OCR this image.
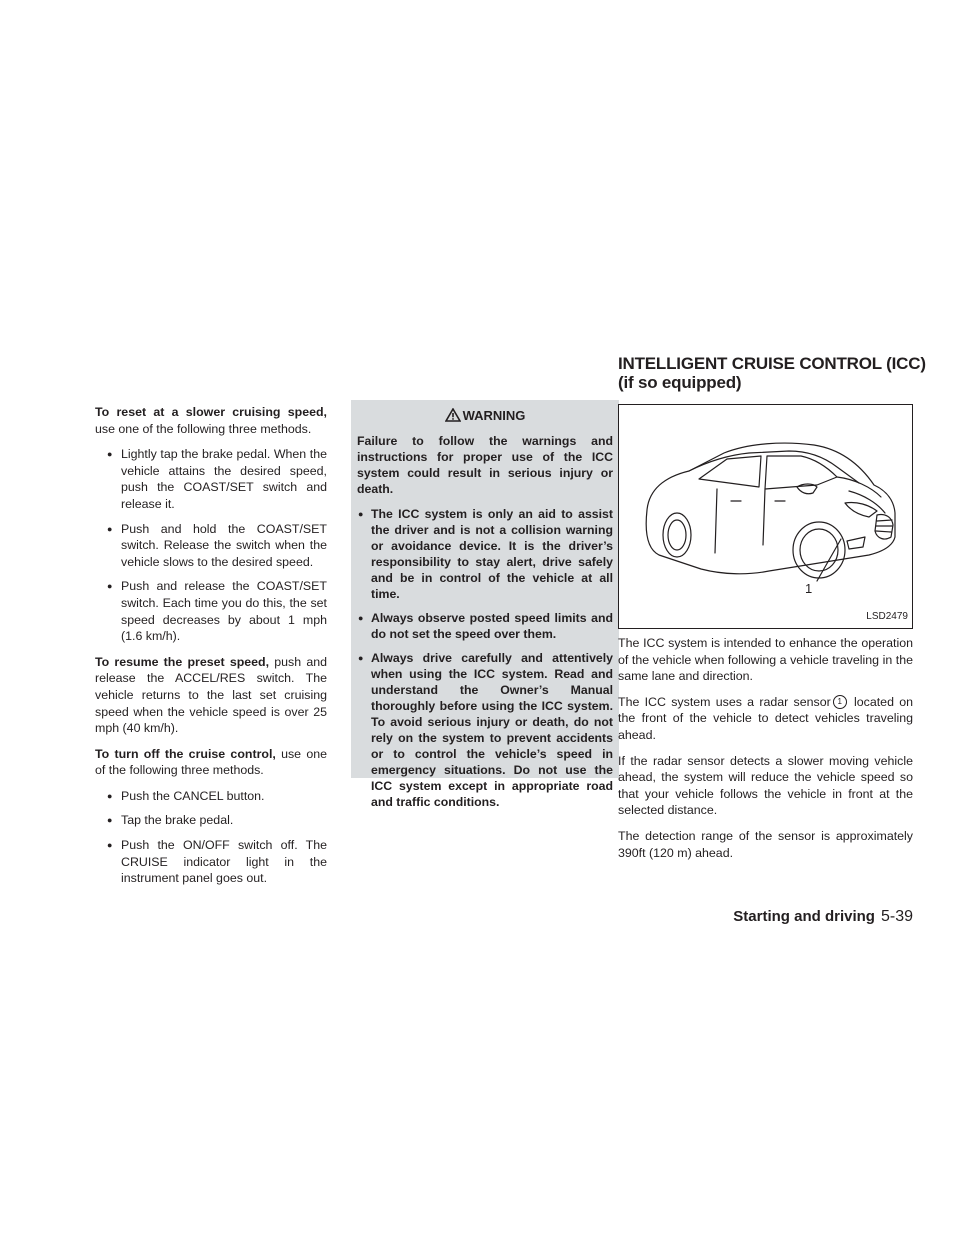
INTELLIGENT CRUISE CONTROL (ICC)
(if so equipped)

To reset at a slower cruising speed, use one of the following three methods.

● Lightly tap the brake pedal. When the vehicle attains the desired speed, push the COAST/SET switch and release it.
● Push and hold the COAST/SET switch. Release the switch when the vehicle slows to the desired speed.
● Push and release the COAST/SET switch. Each time you do this, the set speed decreases by about 1 mph (1.6 km/h).

To resume the preset speed, push and release the ACCEL/RES switch. The vehicle returns to the last set cruising speed when the vehicle speed is over 25 mph (40 km/h).

To turn off the cruise control, use one of the following three methods.

● Push the CANCEL button.
● Tap the brake pedal.
● Push the ON/OFF switch off. The CRUISE indicator light in the instrument panel goes out.
WARNING

Failure to follow the warnings and instructions for proper use of the ICC system could result in serious injury or death.

● The ICC system is only an aid to assist the driver and is not a collision warning or avoidance device. It is the driver’s responsibility to stay alert, drive safely and be in control of the vehicle at all time.
● Always observe posted speed limits and do not set the speed over them.
● Always drive carefully and attentively when using the ICC system. Read and understand the Owner’s Manual thoroughly before using the ICC system. To avoid serious injury or death, do not rely on the system to prevent accidents or to control the vehicle’s speed in emergency situations. Do not use the ICC system except in appropriate road and traffic conditions.
1
LSD2479

The ICC system is intended to enhance the operation of the vehicle when following a vehicle traveling in the same lane and direction.

The ICC system uses a radar sensor 1 located on the front of the vehicle to detect vehicles traveling ahead.

If the radar sensor detects a slower moving vehicle ahead, the system will reduce the vehicle speed so that your vehicle follows the vehicle in front at the selected distance.

The detection range of the sensor is approximately 390ft (120 m) ahead.

Starting and driving 5-39
